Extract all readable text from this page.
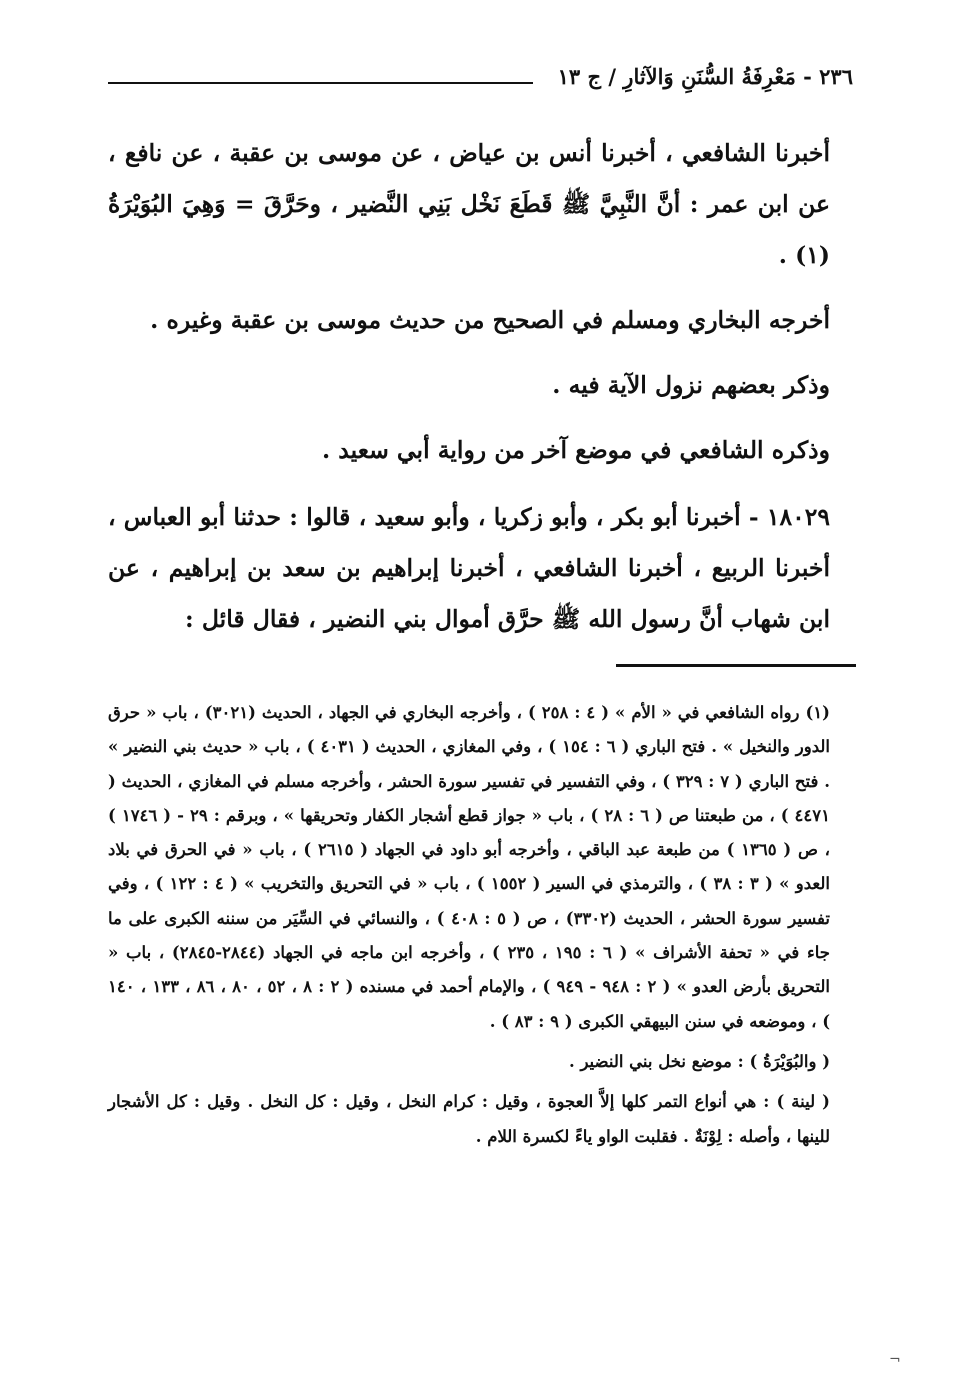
٢٣٦ - مَعْرِفَةُ السُّنَنِ وَالآثارِ / ج ١٣

أخبرنا الشافعي ، أخبرنا أنس بن عياض ، عن موسى بن عقبة ، عن نافع ، عن ابن عمر : أنَّ النَّبِيَّ ﷺ قَطَعَ نَخْل بَنِي النَّضير ، وحَرَّقَ = وَهِيَ البُوَيْرَةُ (١) .

أخرجه البخاري ومسلم في الصحيح من حديث موسى بن عقبة وغيره .

وذكر بعضهم نزول الآية فيه .

وذكره الشافعي في موضع آخر من رواية أبي سعيد .

١٨٠٢٩ - أخبرنا أبو بكر ، وأبو زكريا ، وأبو سعيد ، قالوا : حدثنا أبو العباس ، أخبرنا الربيع ، أخبرنا الشافعي ، أخبرنا إبراهيم بن سعد بن إبراهيم ، عن ابن شهاب أنَّ رسول الله ﷺ حرَّق أموال بني النضير ، فقال قائل :

(١) رواه الشافعي في « الأم » ( ٤ : ٢٥٨ ) ، وأخرجه البخاري في الجهاد ، الحديث (٣٠٢١) ، باب « حرق الدور والنخيل » . فتح الباري ( ٦ : ١٥٤ ) ، وفي المغازي ، الحديث ( ٤٠٣١ ) ، باب « حديث بني النضير » . فتح الباري ( ٧ : ٣٢٩ ) ، وفي التفسير في تفسير سورة الحشر ، وأخرجه مسلم في المغازي ، الحديث ( ٤٤٧١ ) ، من طبعتنا ص ( ٦ : ٢٨ ) ، باب « جواز قطع أشجار الكفار وتحريقها » ، وبرقم : ٢٩ - ( ١٧٤٦ ) ، ص ( ١٣٦٥ ) من طبعة عبد الباقي ، وأخرجه أبو داود في الجهاد ( ٢٦١٥ ) ، باب « في الحرق في بلاد العدو » ( ٣ : ٣٨ ) ، والترمذي في السير ( ١٥٥٢ ) ، باب « في التحريق والتخريب » ( ٤ : ١٢٢ ) ، وفي تفسير سورة الحشر ، الحديث (٣٣٠٢) ، ص ( ٥ : ٤٠٨ ) ، والنسائي في السِّيَر من سننه الكبرى على ما جاء في « تحفة الأشراف » ( ٦ : ١٩٥ ، ٢٣٥ ) ، وأخرجه ابن ماجه في الجهاد (٢٨٤٤-٢٨٤٥) ، باب « التحريق بأرض العدو » ( ٢ : ٩٤٨ - ٩٤٩ ) ، والإمام أحمد في مسنده ( ٢ : ٨ ، ٥٢ ، ٨٠ ، ٨٦ ، ١٣٣ ، ١٤٠ ) ، وموضعه في سنن البيهقي الكبرى ( ٩ : ٨٣ ) .

( والبُوَيْرَةُ ) : موضع نخل بني النضير .

( لينة ) : هي أنواع التمر كلها إلاَّ العجوة ، وقيل : كرام النخل ، وقيل : كل النخل . وقيل : كل الأشجار للينها ، وأصله : لِوْنَةٌ . فقلبت الواو ياءً لكسرة اللام .

¬
